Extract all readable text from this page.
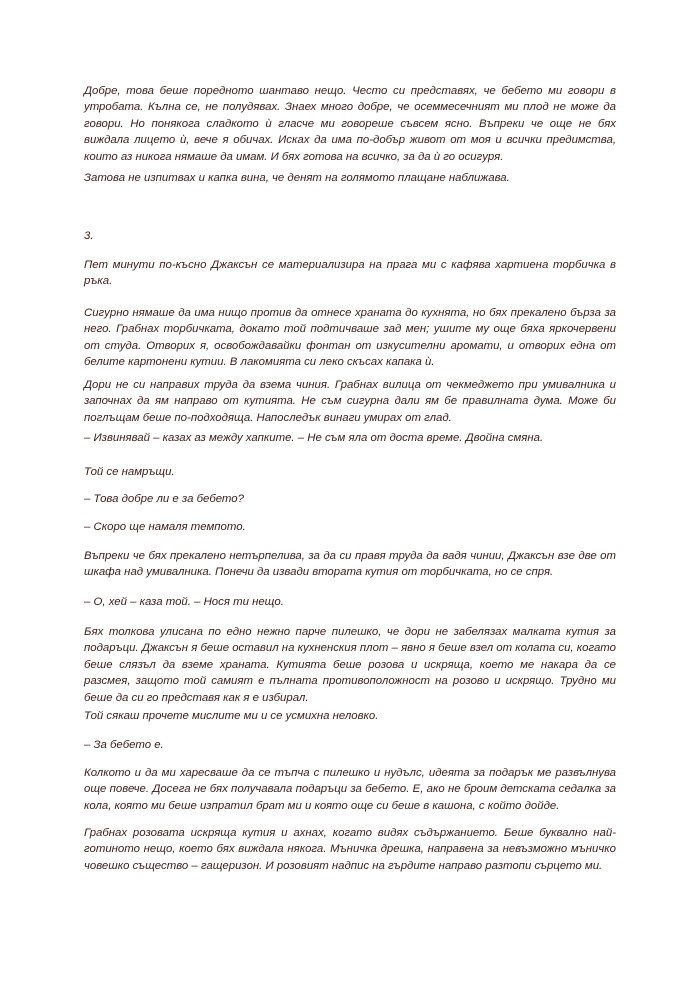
Добре, това беше поредното шантаво нещо. Често си представях, че бебето ми говори в утробата. Кълна се, не полудявах. Знаех много добре, че осеммесечният ми плод не може да говори. Но понякога сладкото ѝ гласче ми говореше съвсем ясно. Въпреки че още не бях виждала лицето ѝ, вече я обичах. Исках да има по-добър живот от моя и всички предимства, които аз никога нямаше да имам. И бях готова на всичко, за да ѝ го осигуря.

Затова не изпитвах и капка вина, че денят на голямото плащане наближава.

3.

Пет минути по-късно Джаксън се материализира на прага ми с кафява хартиена торбичка в ръка.

Сигурно нямаше да има нищо против да отнесе храната до кухнята, но бях прекалено бърза за него. Грабнах торбичката, докато той подтичваше зад мен; ушите му още бяха яркочервени от студа. Отворих я, освобождавайки фонтан от изкусителни аромати, и отворих една от белите картонени кутии. В лакомията си леко скъсах капака ѝ.

Дори не си направих труда да взема чиния. Грабнах вилица от чекмеджето при умивалника и започнах да ям направо от кутията. Не съм сигурна дали ям бе правилната дума. Може би поглъщам беше по-подходяща. Напоследък винаги умирах от глад.

– Извинявай – казах аз между хапките. – Не съм яла от доста време. Двойна смяна.

Той се намръщи.

– Това добре ли е за бебето?

– Скоро ще намаля темпото.

Въпреки че бях прекалено нетърпелива, за да си правя труда да вадя чинии, Джаксън взе две от шкафа над умивалника. Понечи да извади втората кутия от торбичката, но се спря.

– О, хей – каза той. – Нося ти нещо.

Бях толкова улисана по едно нежно парче пилешко, че дори не забелязах малката кутия за подаръци. Джаксън я беше оставил на кухненския плот – явно я беше взел от колата си, когато беше слязъл да вземе храната. Кутията беше розова и искряща, което ме накара да се разсмея, защото той самият е пълната противоположност на розово и искрящо. Трудно ми беше да си го представя как я е избирал.

Той сякаш прочете мислите ми и се усмихна неловко.

– За бебето е.

Колкото и да ми харесваше да се тъпча с пилешко и нудълс, идеята за подарък ме развълнува още повече. Досега не бях получавала подаръци за бебето. Е, ако не броим детската седалка за кола, която ми беше изпратил брат ми и която още си беше в кашона, с който дойде.

Грабнах розовата искряща кутия и ахнах, когато видях съдържанието. Беше буквално най-готиното нещо, което бях виждала някога. Мъничка дрешка, направена за невъзможно мъничко човешко същество – гащеризон. И розовият надпис на гърдите направо разтопи сърцето ми.
